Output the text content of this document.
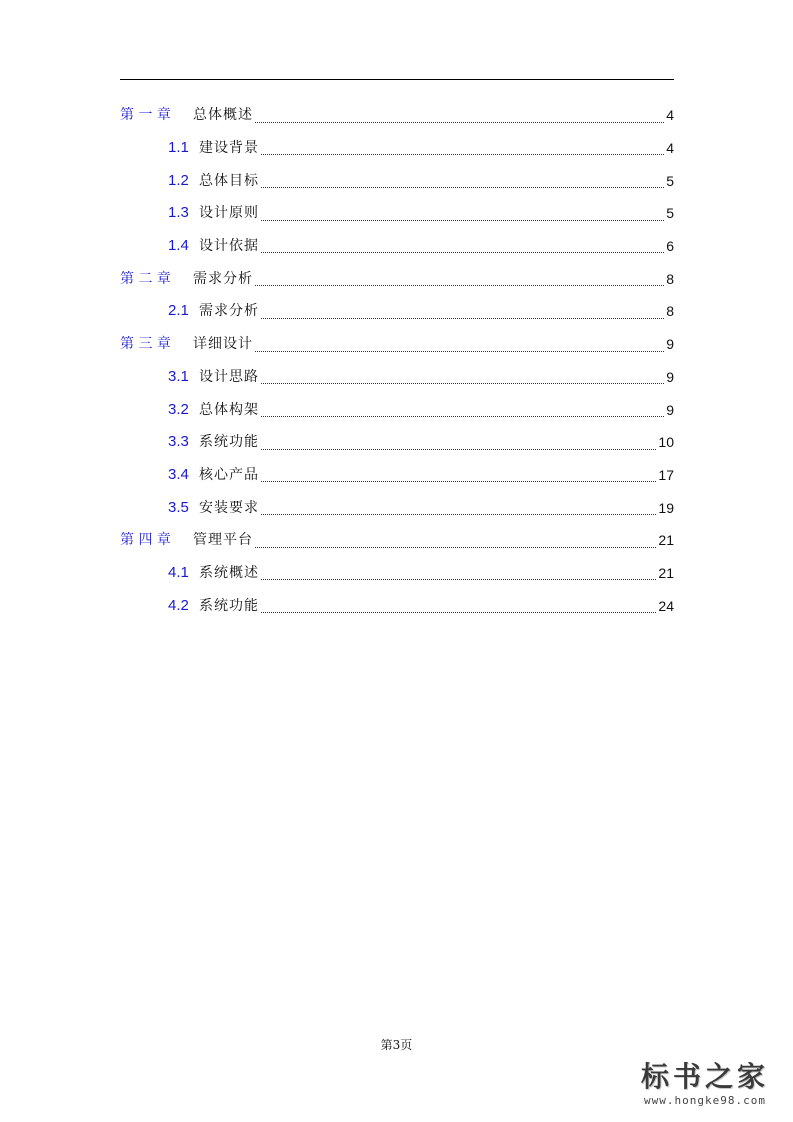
第 一 章	总体概述	4
1.1 建设背景	4
1.2 总体目标	5
1.3 设计原则	5
1.4 设计依据	6
第 二 章	需求分析	8
2.1 需求分析	8
第 三 章	详细设计	9
3.1 设计思路	9
3.2 总体构架	9
3.3 系统功能	10
3.4 核心产品	17
3.5 安装要求	19
第 四 章	管理平台	21
4.1 系统概述	21
4.2 系统功能	24
第3页
标书之家
www.hongke98.com
